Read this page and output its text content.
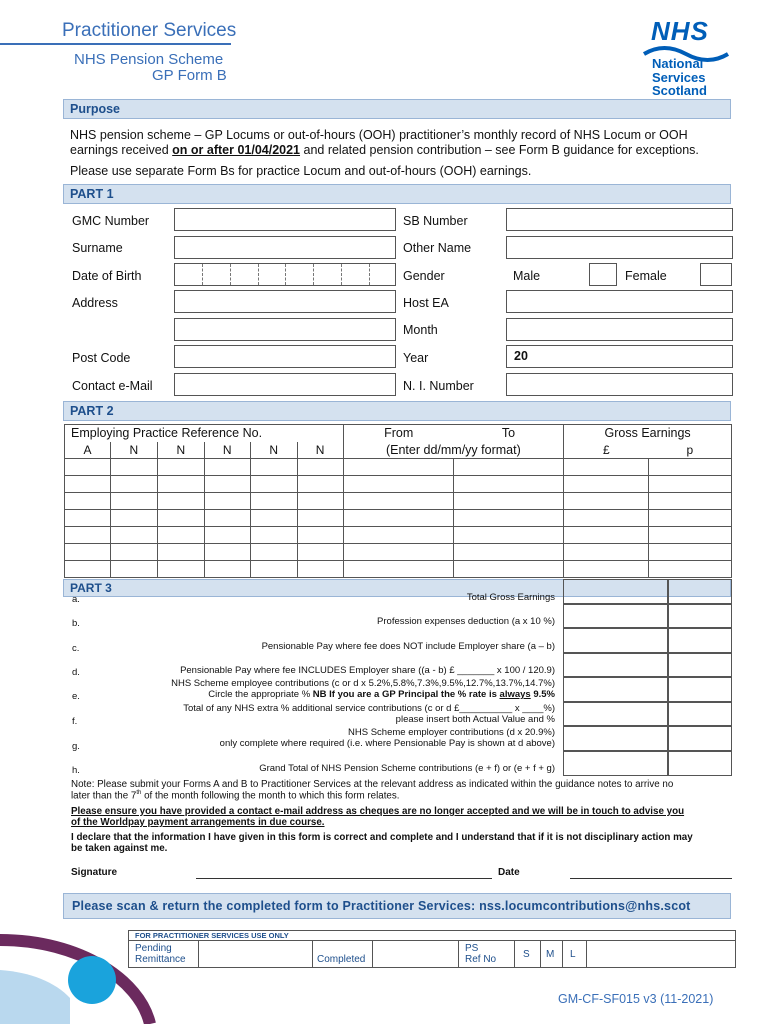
Practitioner Services
NHS Pension Scheme
GP Form B
NHS
National
Services
Scotland
Purpose
NHS pension scheme – GP Locums or out-of-hours (OOH) practitioner’s monthly record of NHS Locum or OOH
earnings received on or after 01/04/2021 and related pension contribution – see Form B guidance for exceptions.
Please use separate Form Bs for practice Locum and out-of-hours (OOH) earnings.
PART 1
GMC Number	SB Number
Surname	Other Name
Date of Birth	Gender	Male	Female
Address	Host EA
Month
Post Code	Year	20
Contact e-Mail	N. I. Number
PART 2
Employing Practice Reference No.						From	To	Gross Earnings	
A	N	N	N	N	N	(Enter dd/mm/yy format)		£	p

PART 3
a.	Total Gross Earnings
b.	Profession expenses deduction (a x 10 %)
c.	Pensionable Pay where fee does NOT include Employer share (a – b)
d.	Pensionable Pay where fee INCLUDES Employer share ((a - b) £ _______ x 100 / 120.9)
NHS Scheme employee contributions (c or d x 5.2%,5.8%,7.3%,9.5%,12.7%,13.7%,14.7%)
e.	Circle the appropriate % NB If you are a GP Principal the % rate is always 9.5%
Total of any NHS extra % additional service contributions (c or d £__________ x ____%)
f.	please insert both Actual Value and %
NHS Scheme employer contributions (d x 20.9%)
g.	only complete where required (i.e. where Pensionable Pay is shown at d above)
h.	Grand Total of NHS Pension Scheme contributions (e + f) or (e + f + g)
Note: Please submit your Forms A and B to Practitioner Services at the relevant address as indicated within the guidance notes to arrive no
later than the 7th of the month following the month to which this form relates.
Please ensure you have provided a contact e-mail address as cheques are no longer accepted and we will be in touch to advise you
of the Worldpay payment arrangements in due course.
I declare that the information I have given in this form is correct and complete and I understand that if it is not disciplinary action may
be taken against me.
Signature	Date
Please scan & return the completed form to Practitioner Services: nss.locumcontributions@nhs.scot
FOR PRACTITIONER SERVICES USE ONLY
Pending
Remittance	Completed
PS
Ref No	S M L
GM-CF-SF015 v3 (11-2021)
